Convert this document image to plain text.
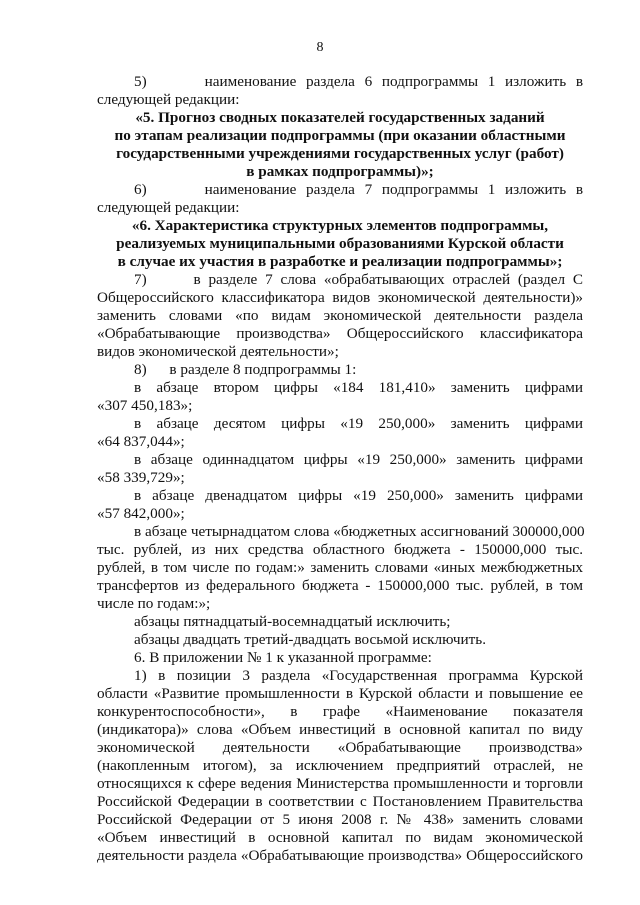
8
5)      наименование раздела 6 подпрограммы 1 изложить в
следующей редакции:
«5. Прогноз сводных показателей государственных заданий
по этапам реализации подпрограммы (при оказании областными
государственными учреждениями государственных услуг (работ)
в рамках подпрограммы)»;
6)      наименование раздела 7 подпрограммы 1 изложить в
следующей редакции:
«6. Характеристика структурных элементов подпрограммы,
реализуемых муниципальными образованиями Курской области
в случае их участия в разработке и реализации подпрограммы»;
7)      в разделе 7 слова «обрабатывающих отраслей (раздел С
Общероссийского классификатора видов экономической деятельности)»
заменить словами «по видам экономической деятельности раздела
«Обрабатывающие производства» Общероссийского классификатора
видов экономической деятельности»;
8)      в разделе 8 подпрограммы 1:
в абзаце втором цифры «184 181,410» заменить цифрами
«307 450,183»;
в абзаце десятом цифры «19 250,000» заменить цифрами
«64 837,044»;
в абзаце одиннадцатом цифры «19 250,000» заменить цифрами
«58 339,729»;
в абзаце двенадцатом цифры «19 250,000» заменить цифрами
«57 842,000»;
в абзаце четырнадцатом слова «бюджетных ассигнований 300000,000
тыс. рублей, из них средства областного бюджета - 150000,000 тыс.
рублей, в том числе по годам:» заменить словами «иных межбюджетных
трансфертов из федерального бюджета - 150000,000 тыс. рублей, в том
числе по годам:»;
абзацы пятнадцатый-восемнадцатый исключить;
абзацы двадцать третий-двадцать восьмой исключить.
6. В приложении № 1 к указанной программе:
1) в позиции 3 раздела «Государственная программа Курской
области «Развитие промышленности в Курской области и повышение ее
конкурентоспособности», в графе «Наименование показателя
(индикатора)» слова «Объем инвестиций в основной капитал по виду
экономической деятельности «Обрабатывающие производства»
(накопленным итогом), за исключением предприятий отраслей, не
относящихся к сфере ведения Министерства промышленности и торговли
Российской Федерации в соответствии с Постановлением Правительства
Российской Федерации от 5 июня 2008 г. № 438» заменить словами
«Объем инвестиций в основной капитал по видам экономической
деятельности раздела «Обрабатывающие производства» Общероссийского
